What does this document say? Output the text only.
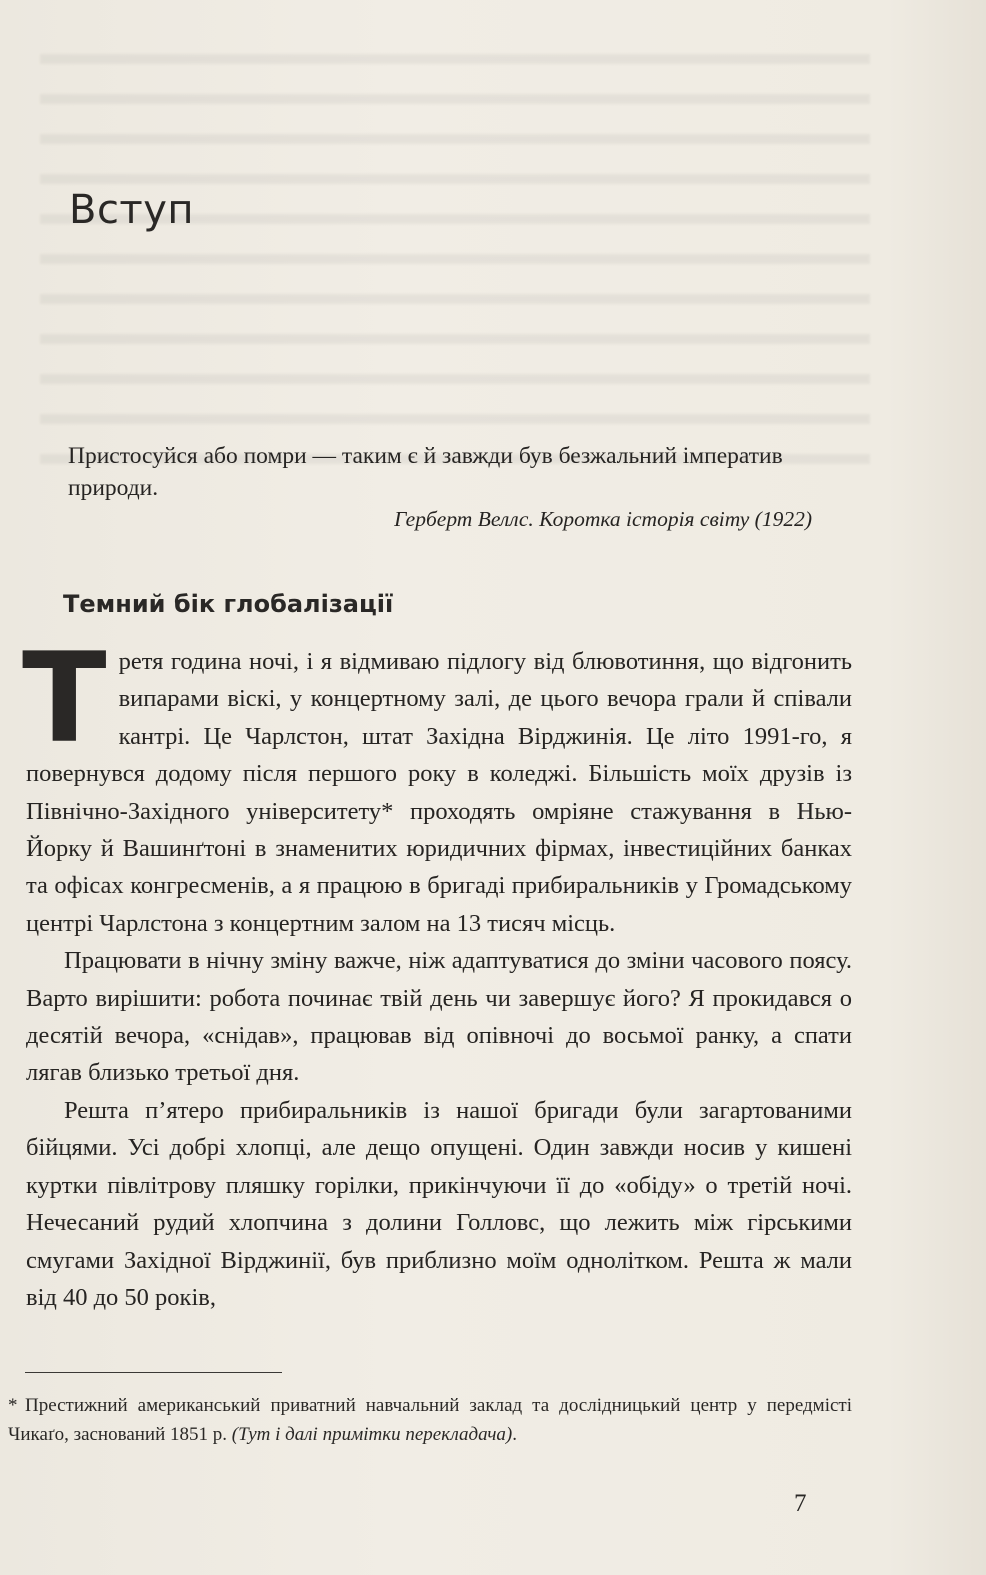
Вступ

Пристосуйся або помри — таким є й завжди був безжальний імператив природи.

Герберт Веллс. Коротка історія світу (1922)

Темний бік глобалізації

Третя година ночі, і я відмиваю підлогу від блювотиння, що відгонить випарами віскі, у концертному залі, де цього вечора грали й співали кантрі. Це Чарлстон, штат Західна Вірджинія. Це літо 1991-го, я повернувся додому після першого року в коледжі. Більшість моїх друзів із Північно-Західного університету* проходять омріяне стажування в Нью-Йорку й Вашинґтоні в знаменитих юридичних фірмах, інвестиційних банках та офісах конгресменів, а я працюю в бригаді прибиральників у Громадському центрі Чарлстона з концертним залом на 13 тисяч місць.

Працювати в нічну зміну важче, ніж адаптуватися до зміни часового поясу. Варто вирішити: робота починає твій день чи завершує його? Я прокидався о десятій вечора, «снідав», працював від опівночі до восьмої ранку, а спати лягав близько третьої дня.

Решта п’ятеро прибиральників із нашої бригади були загартованими бійцями. Усі добрі хлопці, але дещо опущені. Один завжди носив у кишені куртки півлітрову пляшку горілки, прикінчуючи її до «обіду» о третій ночі. Нечесаний рудий хлопчина з долини Голловс, що лежить між гірськими смугами Західної Вірджинії, був приблизно моїм однолітком. Решта ж мали від 40 до 50 років,

* Престижний американський приватний навчальний заклад та дослідницький центр у передмісті Чикаґо, заснований 1851 р. (Тут і далі примітки перекладача).
7
